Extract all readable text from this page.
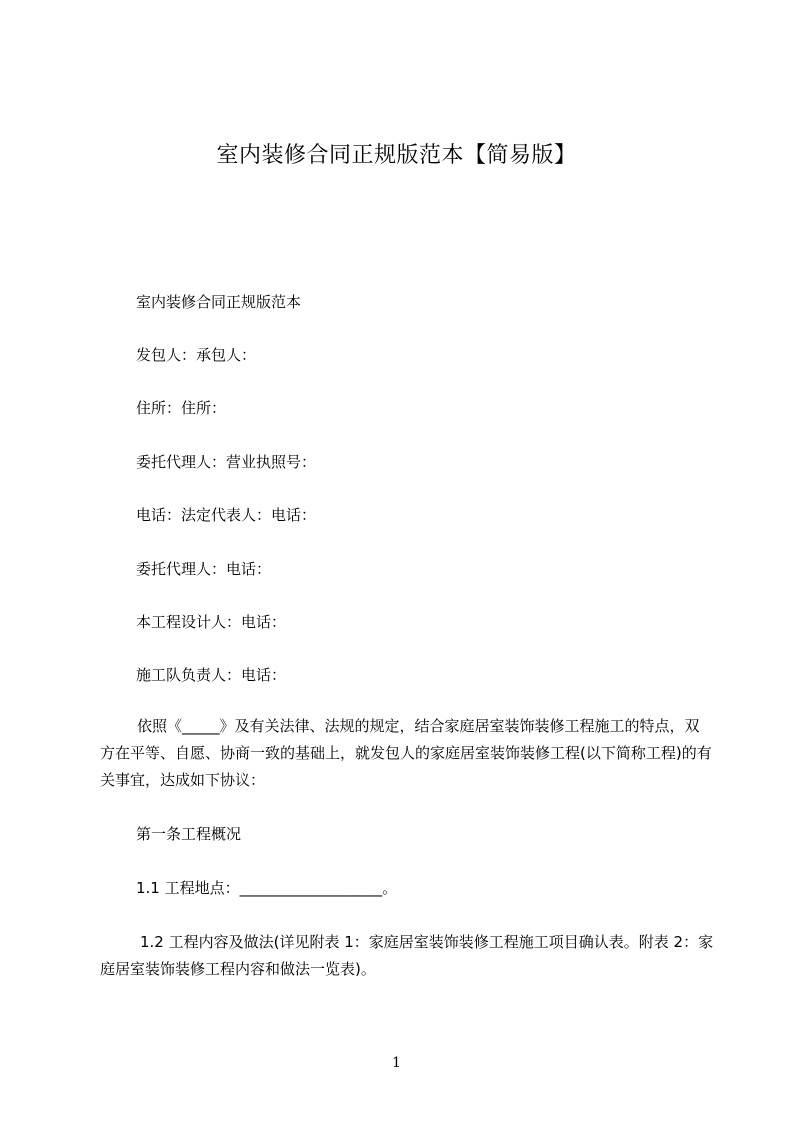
室内装修合同正规版范本【简易版】
室内装修合同正规版范本
发包人：承包人：
住所：住所：
委托代理人：营业执照号：
电话：法定代表人：电话：
委托代理人：电话：
本工程设计人：电话：
施工队负责人：电话：
依照《_____》及有关法律、法规的规定，结合家庭居室装饰装修工程施工的特点，双方在平等、自愿、协商一致的基础上，就发包人的家庭居室装饰装修工程(以下简称工程)的有关事宜，达成如下协议：
第一条工程概况
1.1 工程地点：___________________。
1.2 工程内容及做法(详见附表 1：家庭居室装饰装修工程施工项目确认表。附表 2：家庭居室装饰装修工程内容和做法一览表)。
1
